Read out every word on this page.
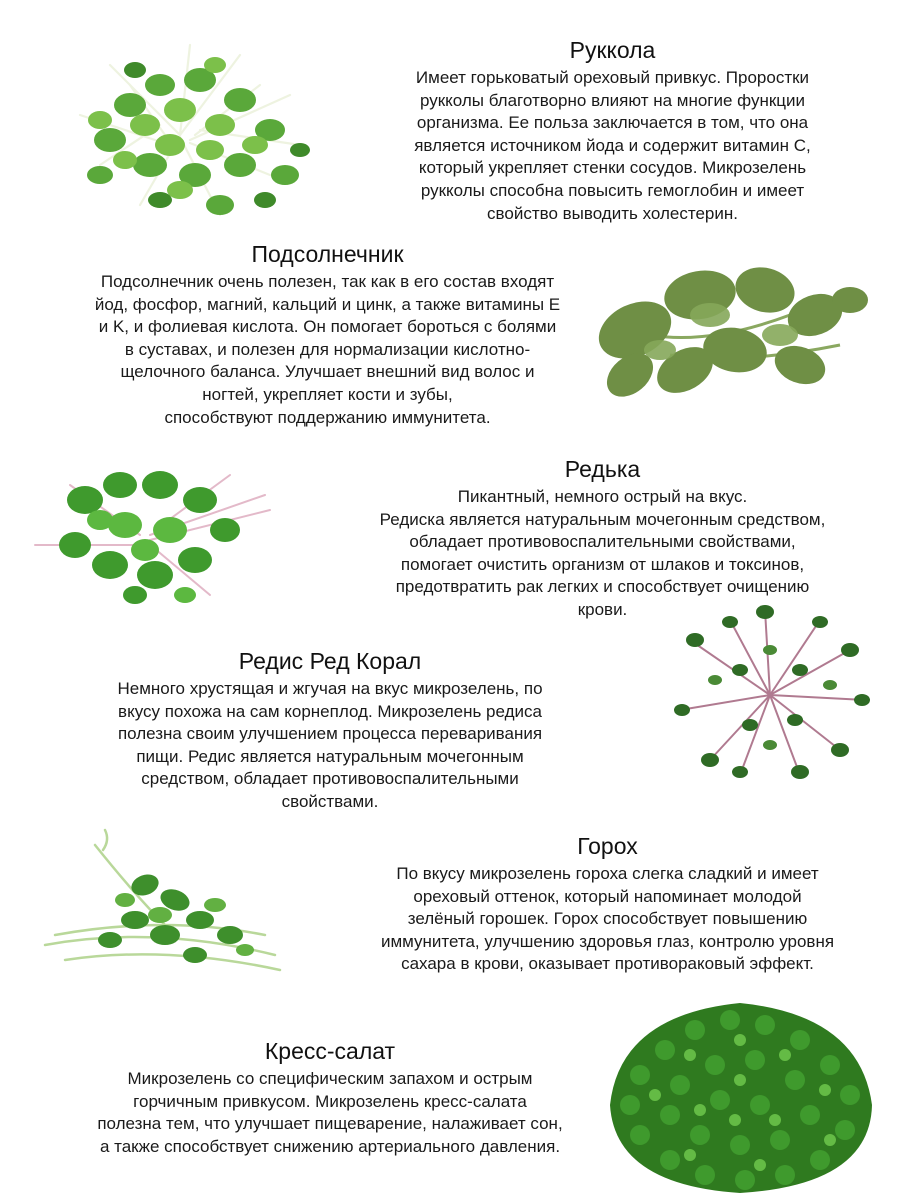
Руккола

Имеет горьковатый ореховый привкус. Проростки
рукколы благотворно влияют на многие функции
организма. Ее польза заключается в том, что она
является источником йода и содержит витамин С,
который укрепляет стенки сосудов. Микрозелень
рукколы способна повысить гемоглобин и имеет
свойство выводить холестерин.

Подсолнечник

Подсолнечник очень полезен, так как в его состав входят
йод, фосфор, магний, кальций и цинк, а также витамины E
и K, и фолиевая кислота. Он помогает бороться с болями
в суставах, и полезен для нормализации кислотно-
щелочного баланса. Улучшает внешний вид волос и
ногтей, укрепляет кости и зубы,
способствуют поддержанию иммунитета.

Редька

Пикантный, немного острый на вкус.
Редиска является натуральным мочегонным средством,
обладает противовоспалительными свойствами,
помогает очистить организм от шлаков и токсинов,
предотвратить рак легких и способствует очищению
крови.

Редис Ред Корал

Немного хрустящая и жгучая на вкус микрозелень, по
вкусу похожа на сам корнеплод. Микрозелень редиса
полезна своим улучшением процесса переваривания
пищи. Редис является натуральным мочегонным
средством, обладает противовоспалительными
свойствами.

Горох

По вкусу микрозелень гороха слегка сладкий и имеет
ореховый оттенок, который напоминает молодой
зелёный горошек. Горох способствует повышению
иммунитета, улучшению здоровья глаз, контролю уровня
сахара в крови, оказывает противораковый эффект.

Кресс-салат

Микрозелень со специфическим запахом и острым
горчичным привкусом. Микрозелень кресс-салата
полезна тем, что улучшает пищеварение, налаживает сон,
а также способствует снижению артериального давления.
